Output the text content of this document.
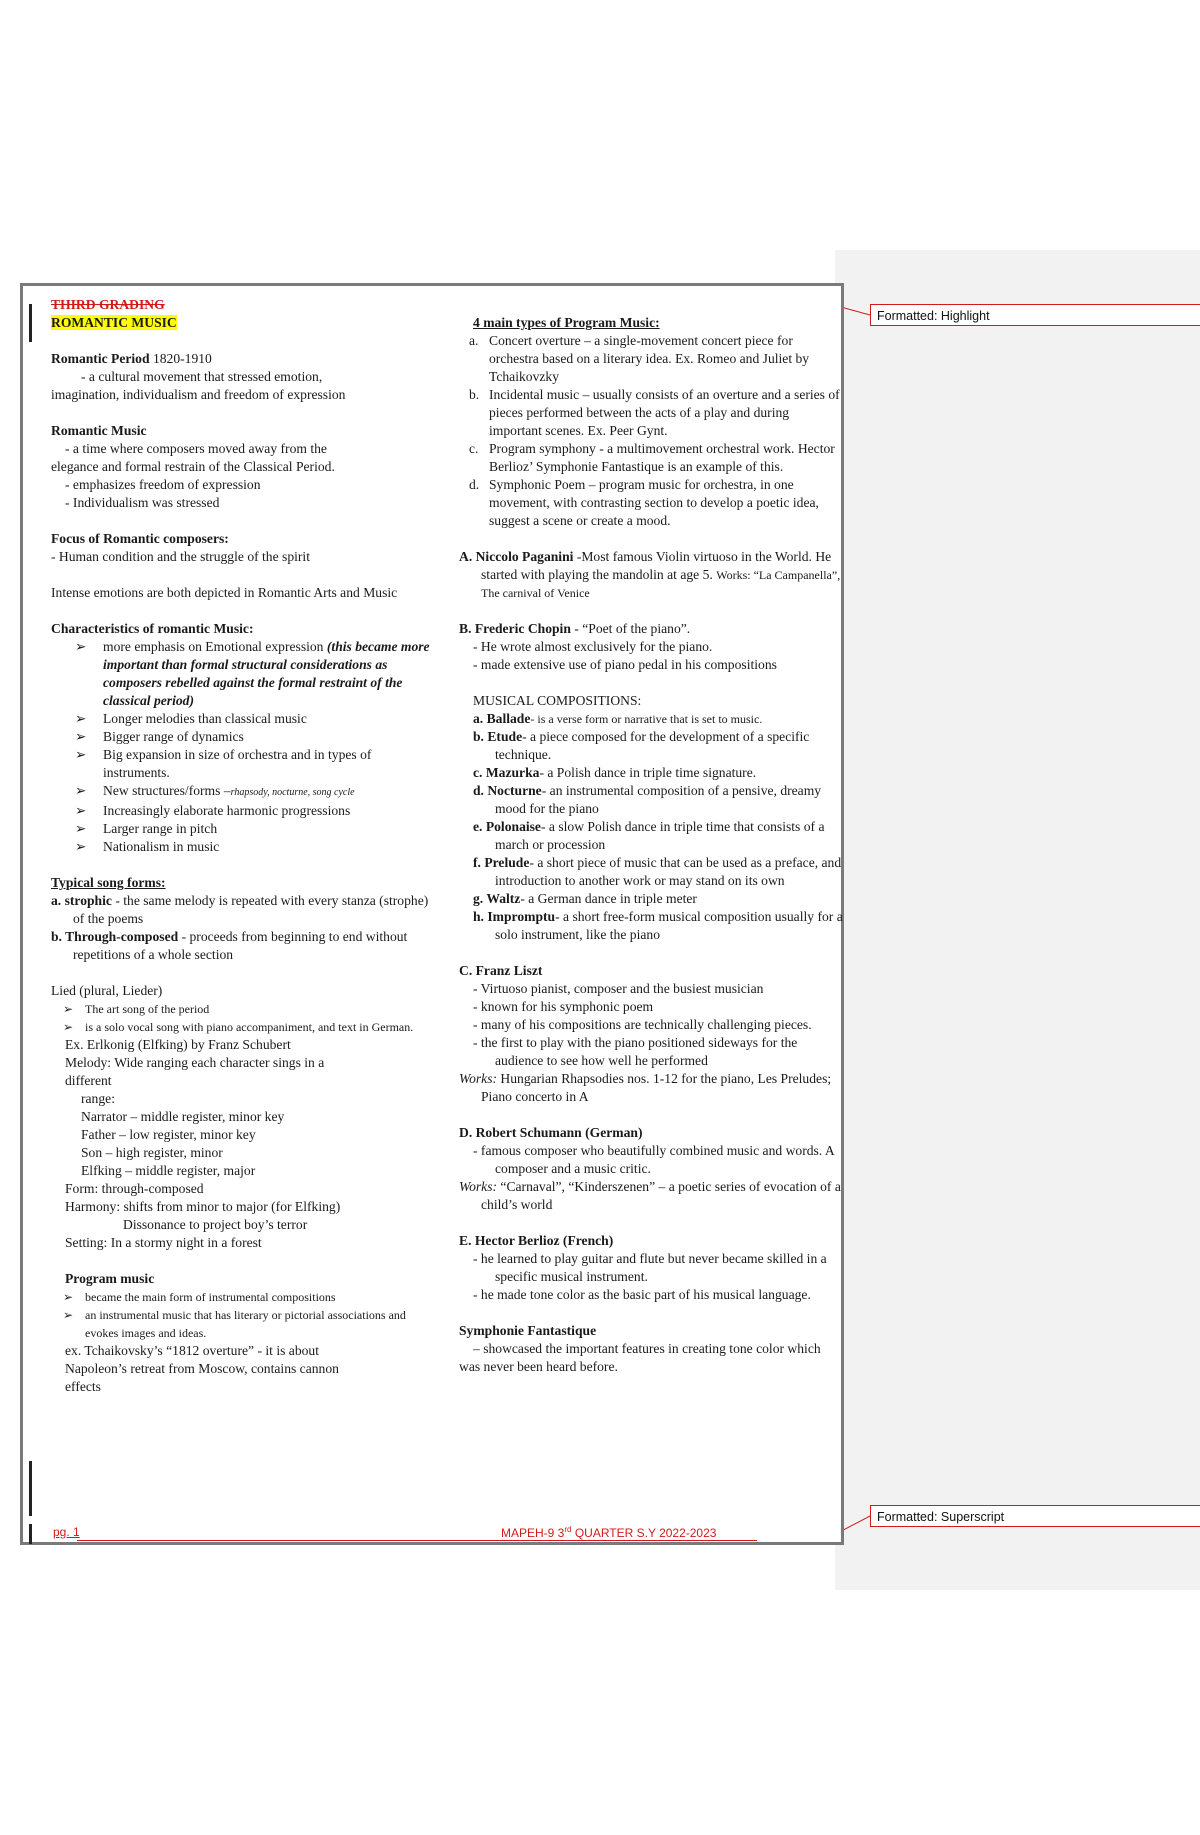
Formatted: Highlight
Formatted: Superscript

THIRD GRADING

ROMANTIC MUSIC

Romantic Period 1820-1910

- a cultural movement that stressed emotion,

imagination, individualism and freedom of expression

Romantic Music

- a time where composers moved away from the

elegance and formal restrain of the Classical Period.

- emphasizes freedom of expression

- Individualism was stressed

Focus of Romantic composers:

- Human condition and the struggle of the spirit

Intense emotions are both depicted in Romantic Arts and Music

Characteristics of romantic Music:

➢ more emphasis on Emotional expression (this became more important than formal structural considerations as composers rebelled against the formal restraint of the classical period)
➢ Longer melodies than classical music
➢ Bigger range of dynamics
➢ Big expansion in size of orchestra and in types of instruments.
➢ New structures/forms –rhapsody, nocturne, song cycle
➢ Increasingly elaborate harmonic progressions
➢ Larger range in pitch
➢ Nationalism in music

Typical song forms:

a. strophic - the same melody is repeated with every stanza (strophe) of the poems

b. Through-composed - proceeds from beginning to end without repetitions of a whole section

Lied (plural, Lieder)

➢ The art song of the period
➢ is a solo vocal song with piano accompaniment, and text in German.

Ex. Erlkonig (Elfking) by Franz Schubert

Melody: Wide ranging each character sings in a

different

range:

Narrator – middle register, minor key

Father – low register, minor key

Son – high register, minor

Elfking – middle register, major

Form: through-composed

Harmony: shifts from minor to major (for Elfking)

Dissonance to project boy’s terror

Setting: In a stormy night in a forest

Program music

➢ became the main form of instrumental compositions
➢ an instrumental music that has literary or pictorial associations and evokes images and ideas.

ex. Tchaikovsky’s “1812 overture” - it is about

Napoleon’s retreat from Moscow, contains cannon

effects

4 main types of Program Music:

a. Concert overture – a single-movement concert piece for orchestra based on a literary idea. Ex. Romeo and Juliet by Tchaikovzky
b. Incidental music – usually consists of an overture and a series of pieces performed between the acts of a play and during important scenes. Ex. Peer Gynt.
c. Program symphony - a multimovement orchestral work. Hector Berlioz’ Symphonie Fantastique is an example of this.
d. Symphonic Poem – program music for orchestra, in one movement, with contrasting section to develop a poetic idea, suggest a scene or create a mood.

A. Niccolo Paganini -Most famous Violin virtuoso in the World. He started with playing the mandolin at age 5. Works: “La Campanella”, The carnival of Venice

B. Frederic Chopin - “Poet of the piano”.

- He wrote almost exclusively for the piano.

- made extensive use of piano pedal in his compositions

MUSICAL COMPOSITIONS:

a. Ballade- is a verse form or narrative that is set to music.

b. Etude- a piece composed for the development of a specific technique.

c. Mazurka- a Polish dance in triple time signature.

d. Nocturne- an instrumental composition of a pensive, dreamy mood for the piano

e. Polonaise- a slow Polish dance in triple time that consists of a march or procession

f. Prelude- a short piece of music that can be used as a preface, and introduction to another work or may stand on its own

g. Waltz- a German dance in triple meter

h. Impromptu- a short free-form musical composition usually for a solo instrument, like the piano

C. Franz Liszt

- Virtuoso pianist, composer and the busiest musician

- known for his symphonic poem

- many of his compositions are technically challenging pieces.

- the first to play with the piano positioned sideways for the audience to see how well he performed

Works: Hungarian Rhapsodies nos. 1-12 for the piano, Les Preludes; Piano concerto in A

D. Robert Schumann (German)

- famous composer who beautifully combined music and words. A composer and a music critic.

Works: “Carnaval”, “Kinderszenen” – a poetic series of evocation of a child’s world

E. Hector Berlioz (French)

- he learned to play guitar and flute but never became skilled in a specific musical instrument.

- he made tone color as the basic part of his musical language.

Symphonie Fantastique

– showcased the important features in creating tone color which was never been heard before.

pg. 1	MAPEH-9 3rd QUARTER S.Y 2022-2023
